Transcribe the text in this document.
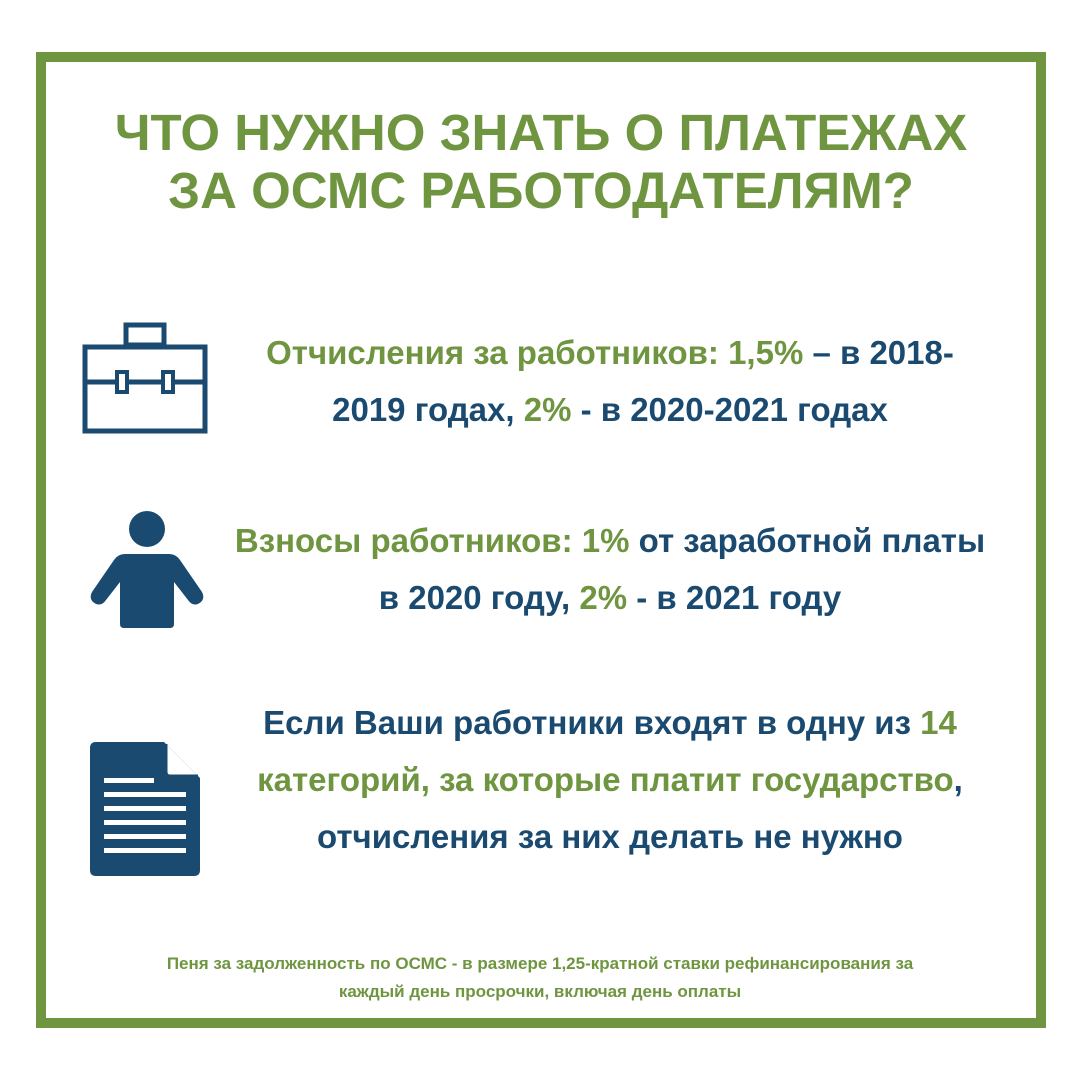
ЧТО НУЖНО ЗНАТЬ О ПЛАТЕЖАХ
ЗА ОСМС РАБОТОДАТЕЛЯМ?

Отчисления за работников: 1,5% – в 2018-2019 годах, 2% - в 2020-2021 годах

Взносы работников: 1% от заработной платы в 2020 году, 2% - в 2021 году

Если Ваши работники входят в одну из 14 категорий, за которые платит государство, отчисления за них делать не нужно

Пеня за задолженность по ОСМС - в размере 1,25-кратной ставки рефинансирования за
каждый день просрочки, включая день оплаты
